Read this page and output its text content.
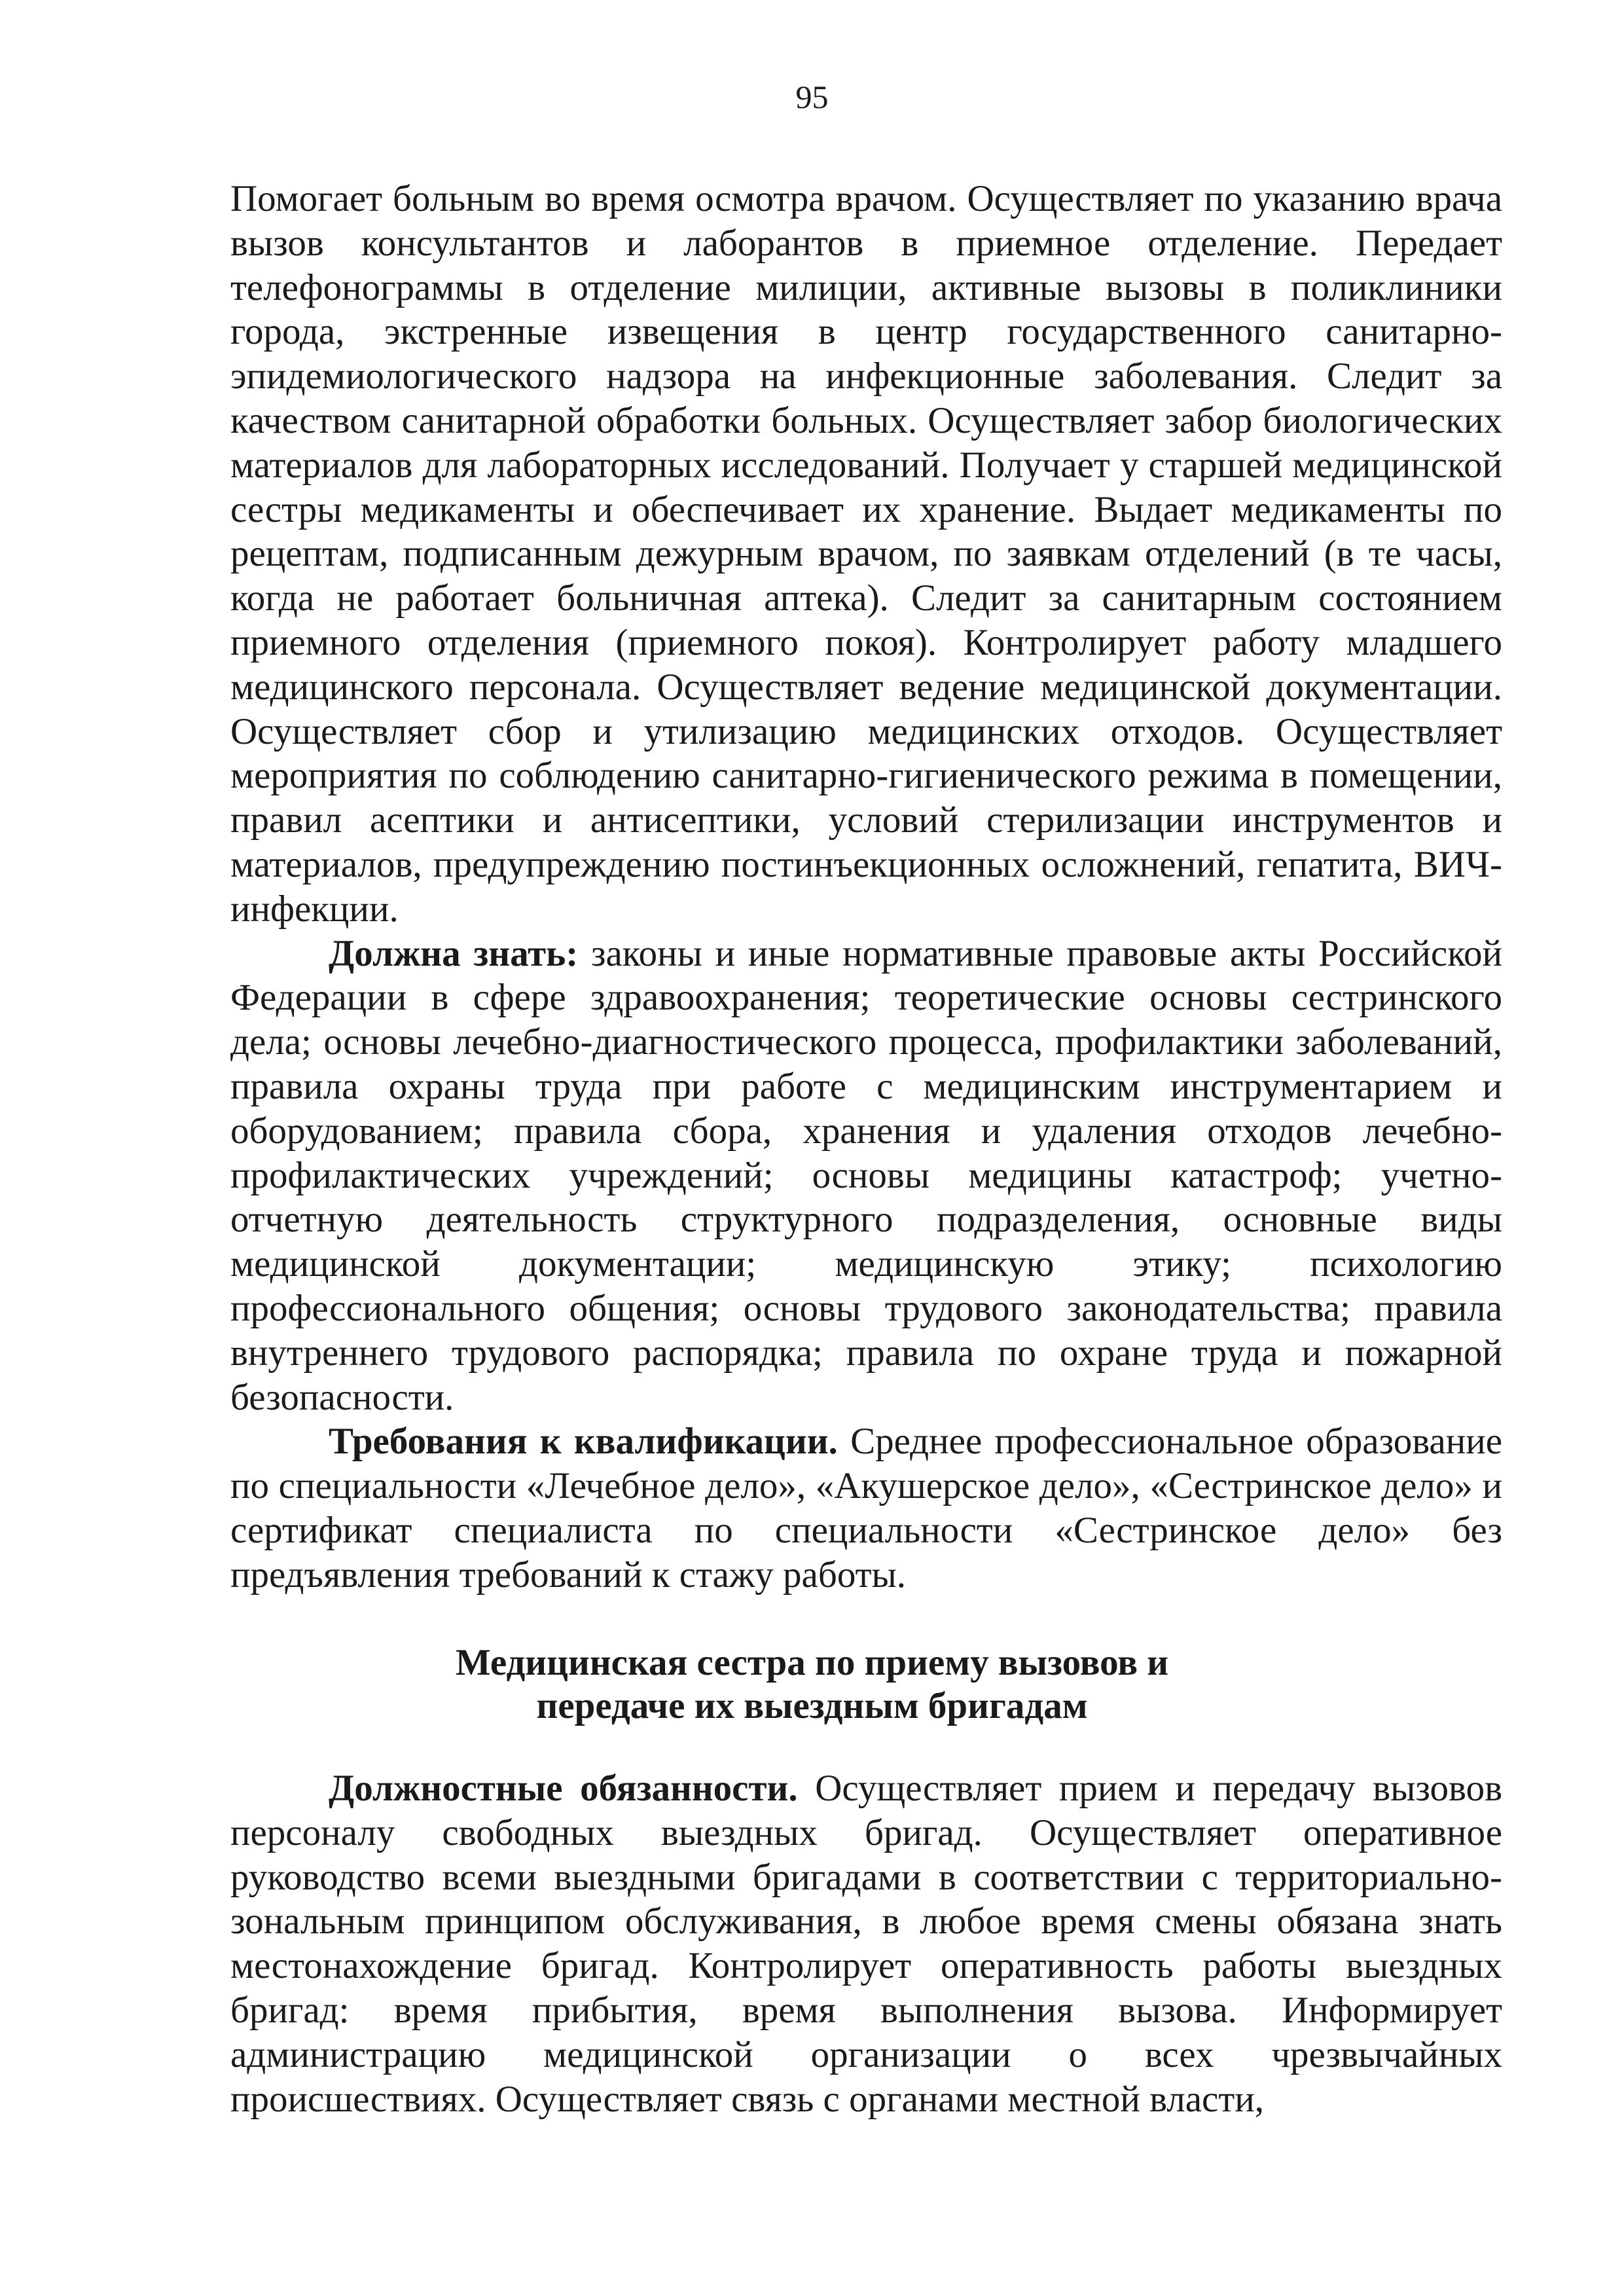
95

Помогает больным во время осмотра врачом. Осуществляет по указанию врача вызов консультантов и лаборантов в приемное отделение. Передает телефонограммы в отделение милиции, активные вызовы в поликлиники города, экстренные извещения в центр государственного санитарно-эпидемиологического надзора на инфекционные заболевания. Следит за качеством санитарной обработки больных. Осуществляет забор биологических материалов для лабораторных исследований. Получает у старшей медицинской сестры медикаменты и обеспечивает их хранение. Выдает медикаменты по рецептам, подписанным дежурным врачом, по заявкам отделений (в те часы, когда не работает больничная аптека). Следит за санитарным состоянием приемного отделения (приемного покоя). Контролирует работу младшего медицинского персонала. Осуществляет ведение медицинской документации. Осуществляет сбор и утилизацию медицинских отходов. Осуществляет мероприятия по соблюдению санитарно-гигиенического режима в помещении, правил асептики и антисептики, условий стерилизации инструментов и материалов, предупреждению постинъекционных осложнений, гепатита, ВИЧ-инфекции.

Должна знать: законы и иные нормативные правовые акты Российской Федерации в сфере здравоохранения; теоретические основы сестринского дела; основы лечебно-диагностического процесса, профилактики заболеваний, правила охраны труда при работе с медицинским инструментарием и оборудованием; правила сбора, хранения и удаления отходов лечебно-профилактических учреждений; основы медицины катастроф; учетно-отчетную деятельность структурного подразделения, основные виды медицинской документации; медицинскую этику; психологию профессионального общения; основы трудового законодательства; правила внутреннего трудового распорядка; правила по охране труда и пожарной безопасности.

Требования к квалификации. Среднее профессиональное образование по специальности «Лечебное дело», «Акушерское дело», «Сестринское дело» и сертификат специалиста по специальности «Сестринское дело» без предъявления требований к стажу работы.

Медицинская сестра по приему вызовов и
передаче их выездным бригадам

Должностные обязанности. Осуществляет прием и передачу вызовов персоналу свободных выездных бригад. Осуществляет оперативное руководство всеми выездными бригадами в соответствии с территориально-зональным принципом обслуживания, в любое время смены обязана знать местонахождение бригад. Контролирует оперативность работы выездных бригад: время прибытия, время выполнения вызова. Информирует администрацию медицинской организации о всех чрезвычайных происшествиях. Осуществляет связь с органами местной власти,
